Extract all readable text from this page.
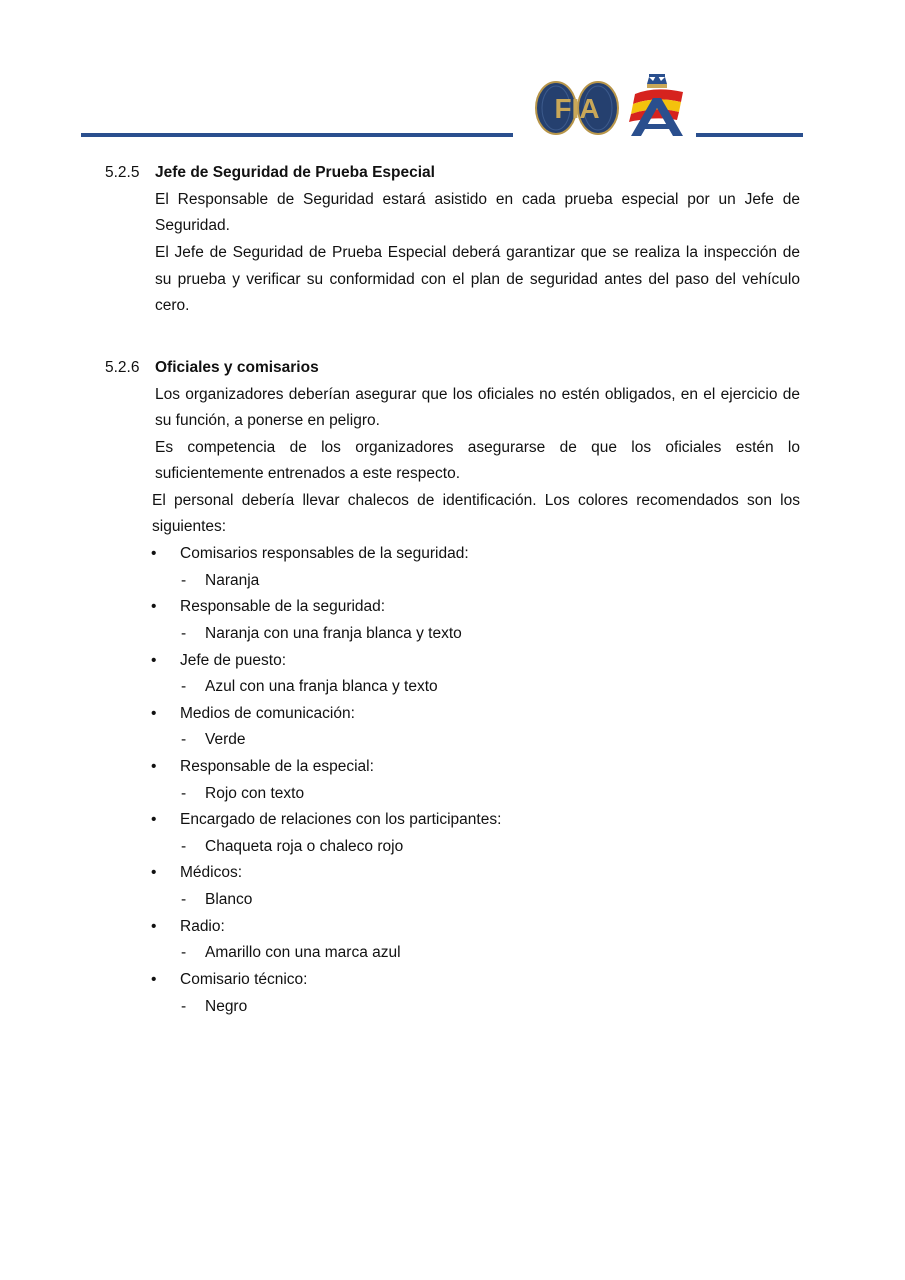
FIA
5.2.5 Jefe de Seguridad de Prueba Especial
El Responsable de Seguridad estará asistido en cada prueba especial por un Jefe de
Seguridad.
El Jefe de Seguridad de Prueba Especial deberá garantizar que se realiza la inspección de
su prueba y verificar su conformidad con el plan de seguridad antes del paso del vehículo
cero.
5.2.6 Oficiales y comisarios
Los organizadores deberían asegurar que los oficiales no estén obligados, en el ejercicio de
su función, a ponerse en peligro.
Es competencia de los organizadores asegurarse de que los oficiales estén lo
suficientemente entrenados a este respecto.
El personal debería llevar chalecos de identificación. Los colores recomendados son los
siguientes:
• Comisarios responsables de la seguridad:
- Naranja
• Responsable de la seguridad:
- Naranja con una franja blanca y texto
• Jefe de puesto:
- Azul con una franja blanca y texto
• Medios de comunicación:
- Verde
• Responsable de la especial:
- Rojo con texto
• Encargado de relaciones con los participantes:
- Chaqueta roja o chaleco rojo
• Médicos:
- Blanco
• Radio:
- Amarillo con una marca azul
• Comisario técnico:
- Negro
